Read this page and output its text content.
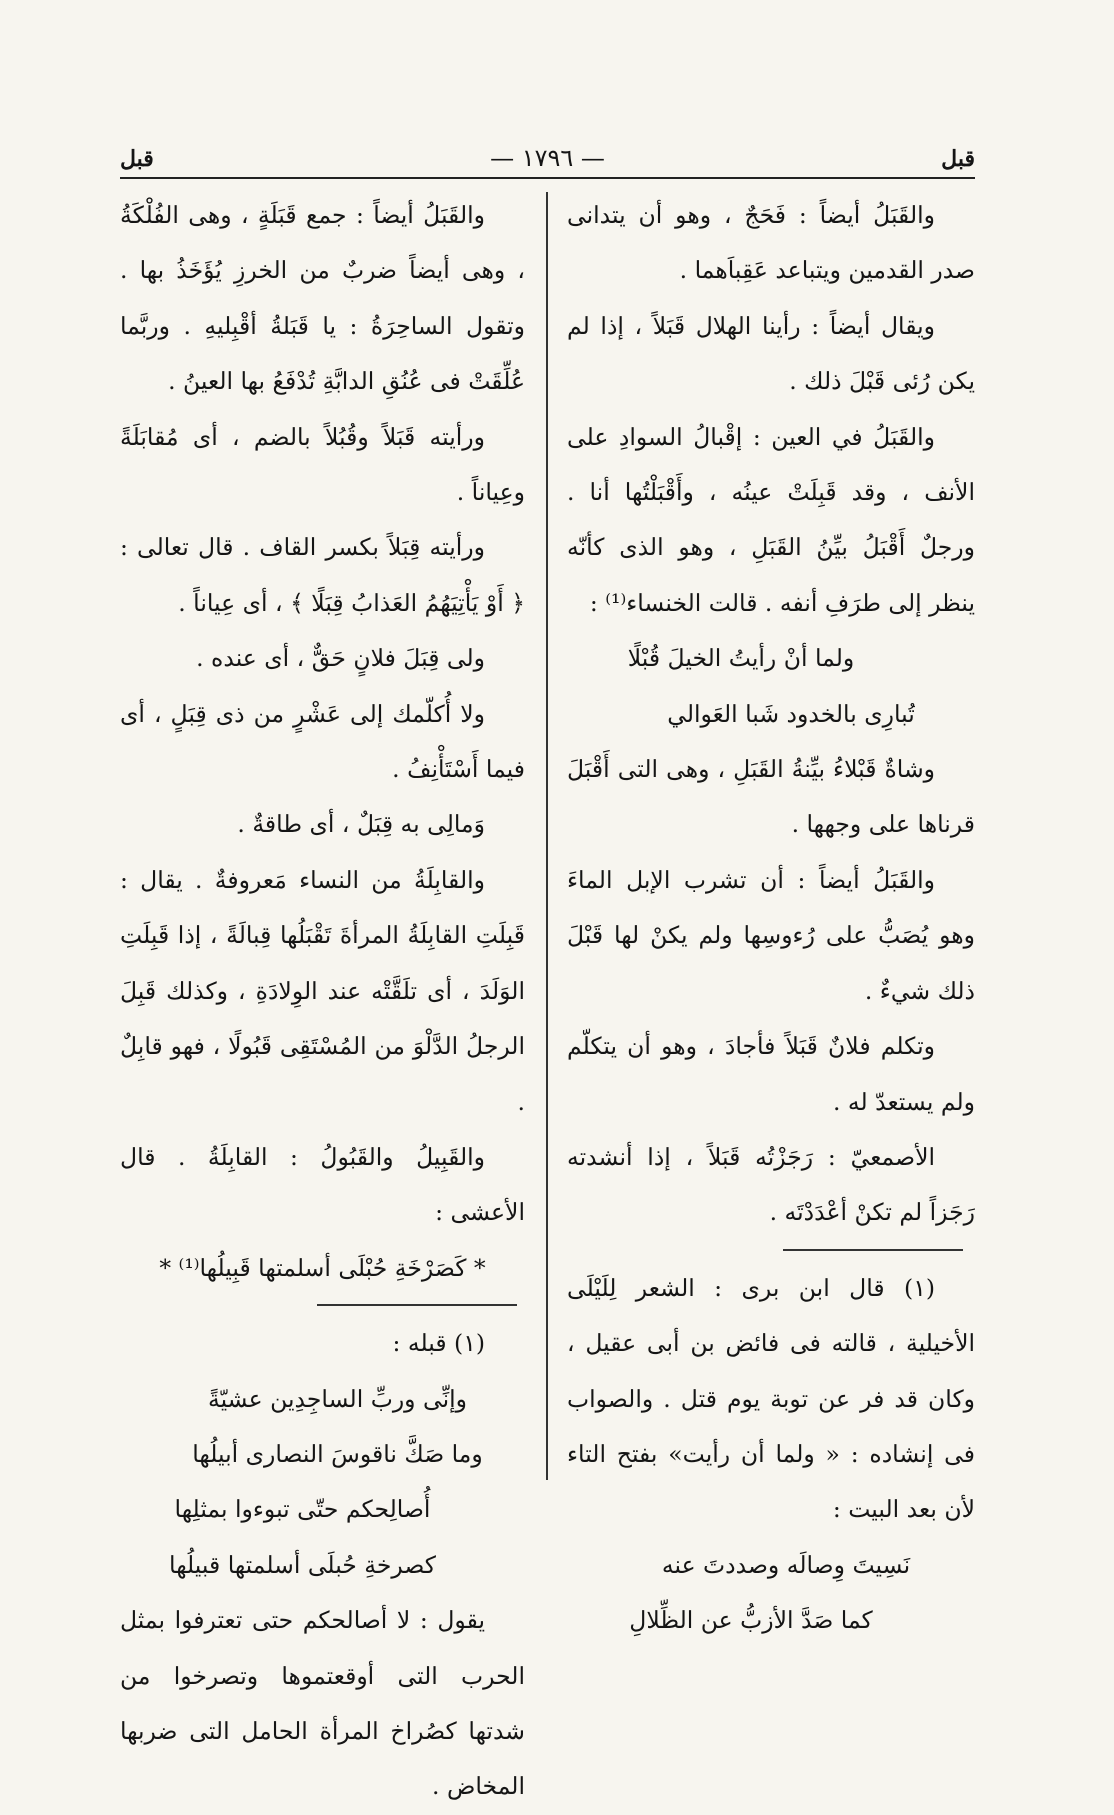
قبل
— ١٧٩٦ —
قبل

والقَبَلُ أيضاً : فَحَجٌ ، وهو أن يتدانى صدر القدمين ويتباعد عَقِباَهما .

ويقال أيضاً : رأينا الهلال قَبَلاً ، إذا لم يكن رُئى قَبْلَ ذلك .

والقَبَلُ في العين : إقْبالُ السوادِ على الأنف ، وقد قَبِلَتْ عينُه ، وأَقْبَلْتُها أنا . ورجلٌ أَقْبَلُ بيِّنُ القَبَلِ ، وهو الذى كأنّه ينظر إلى طرَفِ أنفه . قالت الخنساء⁽¹⁾ :

ولما أنْ رأيتُ الخيلَ قُبْلًا

تُبارِى بالخدود شَبا العَوالي

وشاةٌ قَبْلاءُ بيِّنةُ القَبَلِ ، وهى التى أَقْبَلَ قرناها على وجهها .

والقَبَلُ أيضاً : أن تشرب الإبل الماءَ وهو يُصَبُّ على رُءوسِها ولم يكنْ لها قَبْلَ ذلك شيءٌ .

وتكلم فلانٌ قَبَلاً فأجادَ ، وهو أن يتكلّم ولم يستعدّ له .

الأصمعيّ : رَجَزْتُه قَبَلاً ، إذا أنشدته رَجَزاً لم تكنْ أعْدَدْتَه .

(١) قال ابن برى : الشعر لِلَيْلَى الأخيلية ، قالته فى فائض بن أبى عقيل ، وكان قد فر عن توبة يوم قتل . والصواب فى إنشاده : « ولما أن رأيت» بفتح التاء لأن بعد البيت :

نَسِيتَ وِصالَه وصددتَ عنه

كما صَدَّ الأزبُّ عن الظِّلالِ

والقَبَلُ أيضاً : جمع قَبَلَةٍ ، وهى الفُلْكَةُ ، وهى أيضاً ضربٌ من الخرزِ يُؤَخَذُ بها . وتقول الساحِرَةُ : يا قَبَلةُ أقْبِليهِ . وربَّما عُلِّقَتْ فى عُنُقِ الدابَّةِ تُدْفَعُ بها العينُ .

ورأيته قَبَلاً وقُبُلاً بالضم ، أى مُقابَلَةً وعِياناً .

ورأيته قِبَلاً بكسر القاف . قال تعالى : ﴿ أَوْ يَأْتِيَهُمُ العَذابُ قِبَلًا ﴾ ، أى عِياناً .

ولى قِبَلَ فلانٍ حَقٌّ ، أى عنده .

ولا أُكلّمك إلى عَشْرٍ من ذى قِبَلٍ ، أى فيما أَسْتَأْنِفُ .

وَمالِى به قِبَلٌ ، أى طاقةٌ .

والقابِلَةُ من النساء مَعروفةٌ . يقال : قَبِلَتِ القابِلَةُ المرأةَ تَقْبَلُها قِبالَةً ، إذا قَبِلَتِ الوَلَدَ ، أى تلَقَّتْه عند الوِلادَةِ ، وكذلك قَبِلَ الرجلُ الدَّلْوَ من المُسْتَقِى قَبُولًا ، فهو قابِلٌ .

والقَبِيلُ والقَبُولُ : القابِلَةُ . قال الأعشى :

* كَصَرْخَةِ حُبْلَى أسلمتها قَبِيلُها⁽¹⁾ *

(١) قبله :

وإنِّى وربِّ الساجِدِين عشيّةً

وما صَكَّ ناقوسَ النصارى أبيلُها

أُصالِحكم حتّى تبوءوا بمثلِها

كصرخةِ حُبلَى أسلمتها قبيلُها

يقول : لا أصالحكم حتى تعترفوا بمثل الحرب التى أوقعتموها وتصرخوا من شدتها كصُراخ المرأة الحامل التى ضربها المخاض .
